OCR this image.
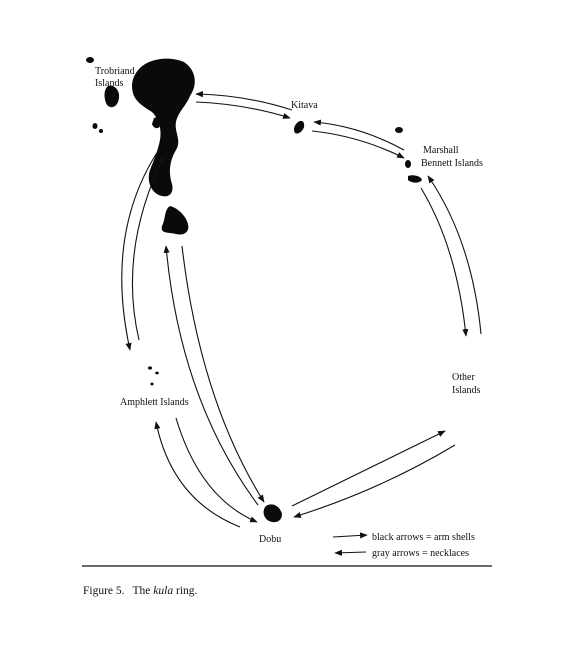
Trobriand
Islands
Kitava
Marshall
Bennett Islands
Other
Islands
Amphlett Islands
Dobu	black arrows = arm shells
gray arrows = necklaces
Figure 5. The kula ring.
